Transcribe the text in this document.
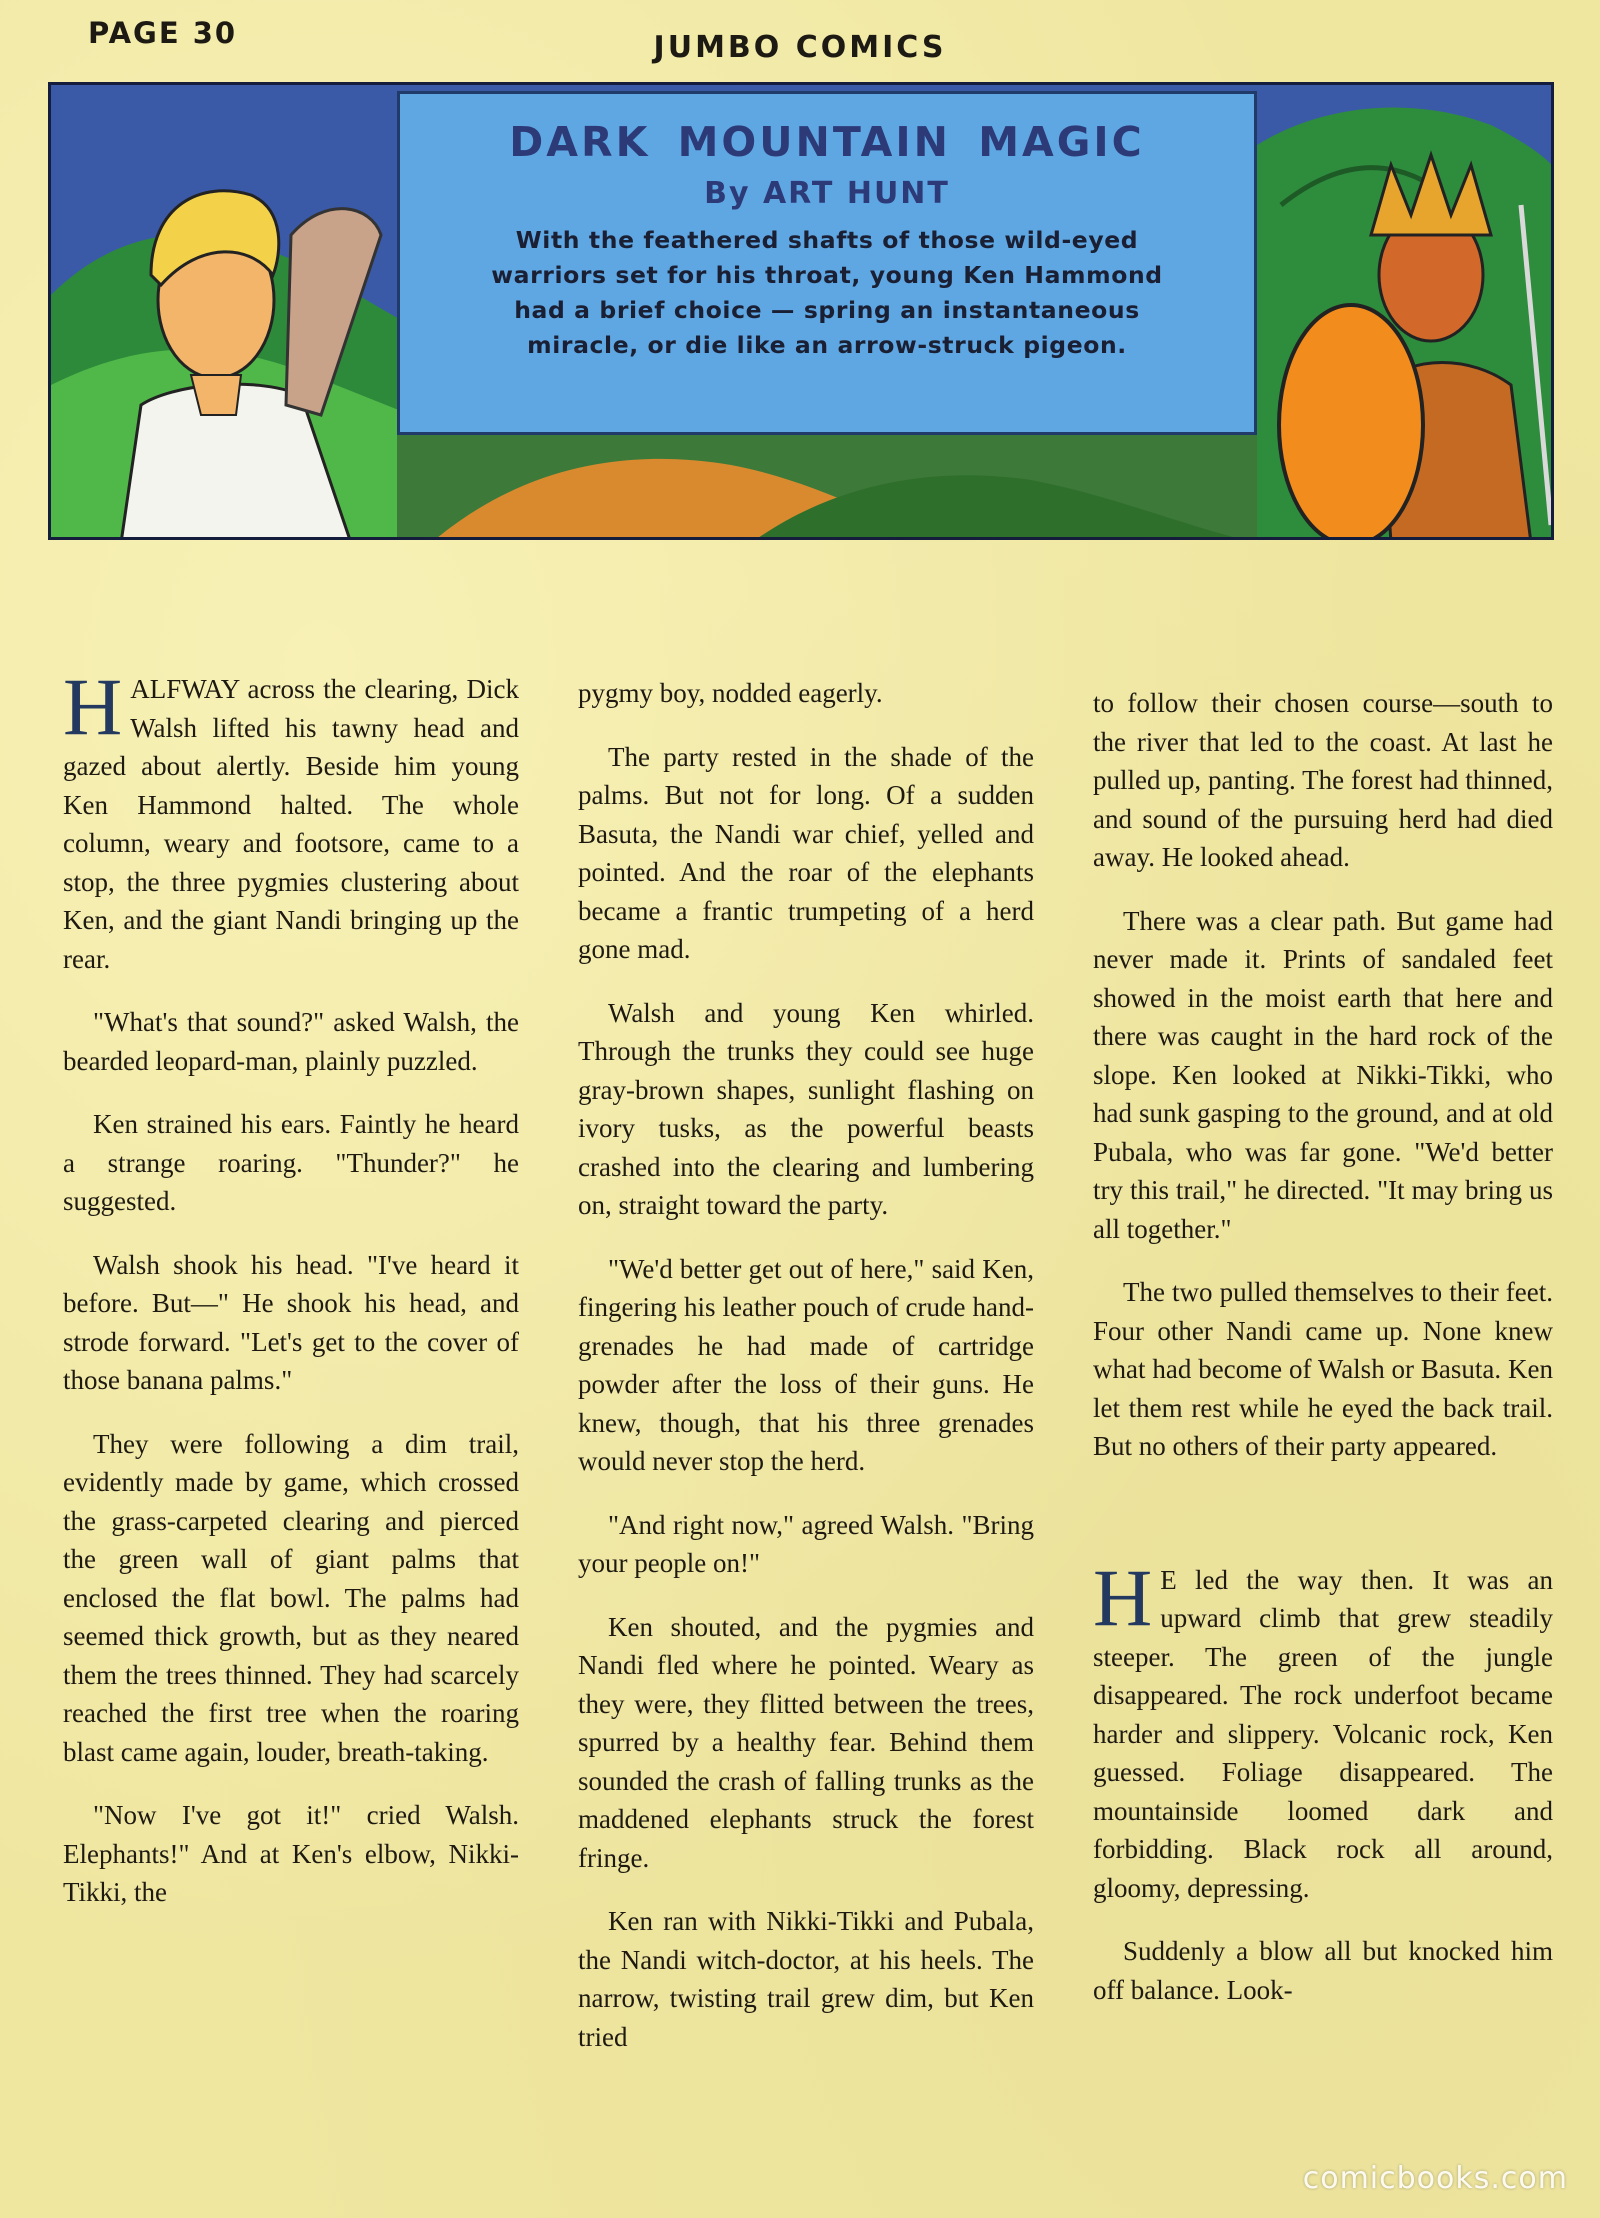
PAGE 30	JUMBO COMICS
DARK MOUNTAIN MAGIC
By ART HUNT
With the feathered shafts of those wild-eyed warriors set for his throat, young Ken Hammond had a brief choice — spring an instantaneous miracle, or die like an arrow-struck pigeon.

HALFWAY across the clearing, Dick Walsh lifted his tawny head and gazed about alertly. Beside him young Ken Hammond halted. The whole column, weary and footsore, came to a stop, the three pygmies clustering about Ken, and the giant Nandi bringing up the rear.

"What's that sound?" asked Walsh, the bearded leopard-man, plainly puzzled.

Ken strained his ears. Faintly he heard a strange roaring. "Thunder?" he suggested.

Walsh shook his head. "I've heard it before. But—" He shook his head, and strode forward. "Let's get to the cover of those banana palms."

They were following a dim trail, evidently made by game, which crossed the grass-carpeted clearing and pierced the green wall of giant palms that enclosed the flat bowl. The palms had seemed thick growth, but as they neared them the trees thinned. They had scarcely reached the first tree when the roaring blast came again, louder, breath-taking.

"Now I've got it!" cried Walsh. Elephants!" And at Ken's elbow, Nikki-Tikki, the

pygmy boy, nodded eagerly.

The party rested in the shade of the palms. But not for long. Of a sudden Basuta, the Nandi war chief, yelled and pointed. And the roar of the elephants became a frantic trumpeting of a herd gone mad.

Walsh and young Ken whirled. Through the trunks they could see huge gray-brown shapes, sunlight flashing on ivory tusks, as the powerful beasts crashed into the clearing and lumbering on, straight toward the party.

"We'd better get out of here," said Ken, fingering his leather pouch of crude hand-grenades he had made of cartridge powder after the loss of their guns. He knew, though, that his three grenades would never stop the herd.

"And right now," agreed Walsh. "Bring your people on!"

Ken shouted, and the pygmies and Nandi fled where he pointed. Weary as they were, they flitted between the trees, spurred by a healthy fear. Behind them sounded the crash of falling trunks as the maddened elephants struck the forest fringe.

Ken ran with Nikki-Tikki and Pubala, the Nandi witch-doctor, at his heels. The narrow, twisting trail grew dim, but Ken tried

to follow their chosen course—south to the river that led to the coast. At last he pulled up, panting. The forest had thinned, and sound of the pursuing herd had died away. He looked ahead.

There was a clear path. But game had never made it. Prints of sandaled feet showed in the moist earth that here and there was caught in the hard rock of the slope. Ken looked at Nikki-Tikki, who had sunk gasping to the ground, and at old Pubala, who was far gone. "We'd better try this trail," he directed. "It may bring us all together."

The two pulled themselves to their feet. Four other Nandi came up. None knew what had become of Walsh or Basuta. Ken let them rest while he eyed the back trail. But no others of their party appeared.

H E led the way then. It was an upward climb that grew steadily steeper. The green of the jungle disappeared. The rock underfoot became harder and slippery. Volcanic rock, Ken guessed. Foliage disappeared. The mountainside loomed dark and forbidding. Black rock all around, gloomy, depressing.

Suddenly a blow all but knocked him off balance. Look-

comicbooks.com
